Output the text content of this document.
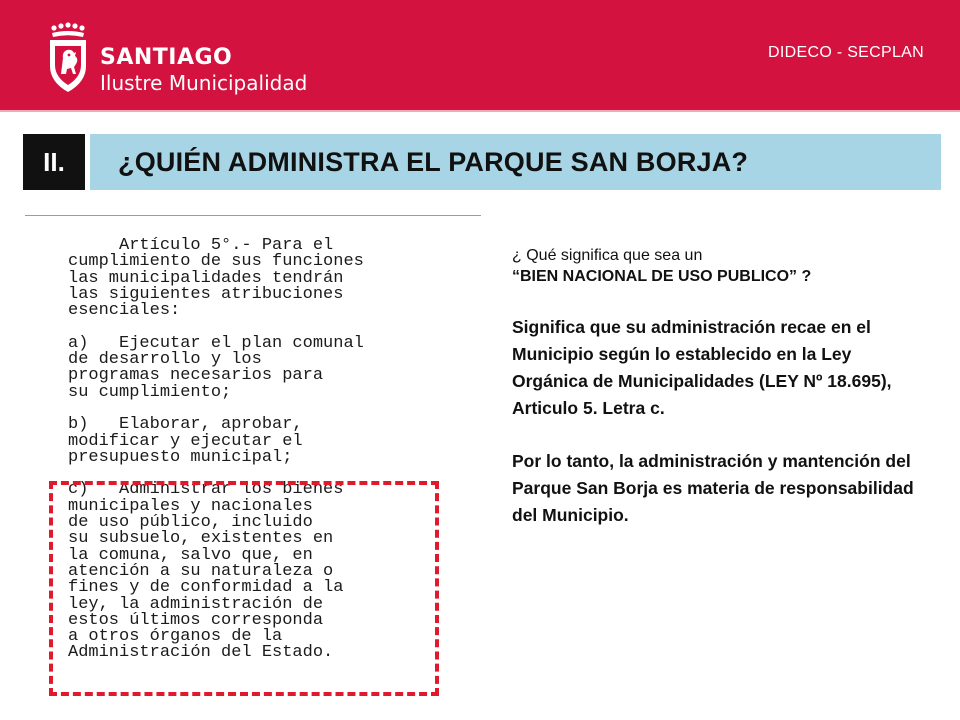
SANTIAGO
Ilustre Municipalidad
DIDECO - SECPLAN
II.	¿QUIÉN ADMINISTRA EL PARQUE SAN BORJA?
Artículo 5°.- Para el
cumplimiento de sus funciones
las municipalidades tendrán
las siguientes atribuciones
esenciales:

a)   Ejecutar el plan comunal
de desarrollo y los
programas necesarios para
su cumplimiento;

b)   Elaborar, aprobar,
modificar y ejecutar el
presupuesto municipal;

c)   Administrar los bienes
municipales y nacionales
de uso público, incluido
su subsuelo, existentes en
la comuna, salvo que, en
atención a su naturaleza o
fines y de conformidad a la
ley, la administración de
estos últimos corresponda
a otros órganos de la
Administración del Estado.

¿ Qué significa que sea un
“BIEN NACIONAL DE USO PUBLICO” ?
Significa que su administración recae en el Municipio según lo establecido en la Ley Orgánica de Municipalidades (LEY Nº 18.695), Articulo 5. Letra c.
Por lo tanto, la administración y mantención del Parque San Borja es materia de responsabilidad del Municipio.
